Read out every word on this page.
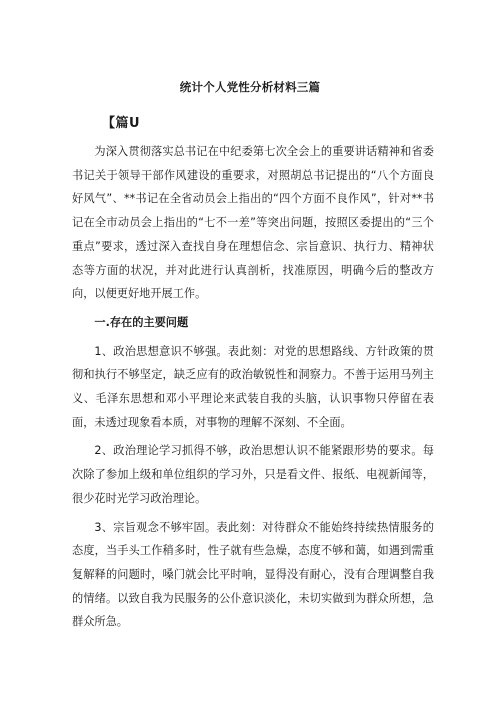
统计个人党性分析材料三篇
【篇U

为深入贯彻落实总书记在中纪委第七次全会上的重要讲话精神和省委书记关于领导干部作风建设的重要求，对照胡总书记提出的“八个方面良好风气”、**书记在全省动员会上指出的“四个方面不良作风”，针对**书记在全市动员会上指出的“七不一差”等突出问题，按照区委提出的“三个重点”要求，透过深入查找自身在理想信念、宗旨意识、执行力、精神状态等方面的状况，并对此进行认真剖析，找准原因，明确今后的整改方向，以便更好地开展工作。

一.存在的主要问题

1、政治思想意识不够强。表此刻：对党的思想路线、方针政策的贯彻和执行不够坚定，缺乏应有的政治敏锐性和洞察力。不善于运用马列主义、毛泽东思想和邓小平理论来武装自我的头脑，认识事物只停留在表面，未透过现象看本质，对事物的理解不深刻、不全面。

2、政治理论学习抓得不够，政治思想认识不能紧跟形势的要求。每次除了参加上级和单位组织的学习外，只是看文件、报纸、电视新闻等，很少花时光学习政治理论。

3、宗旨观念不够牢固。表此刻：对待群众不能始终持续热情服务的态度，当手头工作稍多时，性子就有些急燥，态度不够和蔼，如遇到需重复解释的问题时，嗓门就会比平时响，显得没有耐心，没有合理调整自我的情绪。以致自我为民服务的公仆意识淡化，未切实做到为群众所想，急群众所急。
